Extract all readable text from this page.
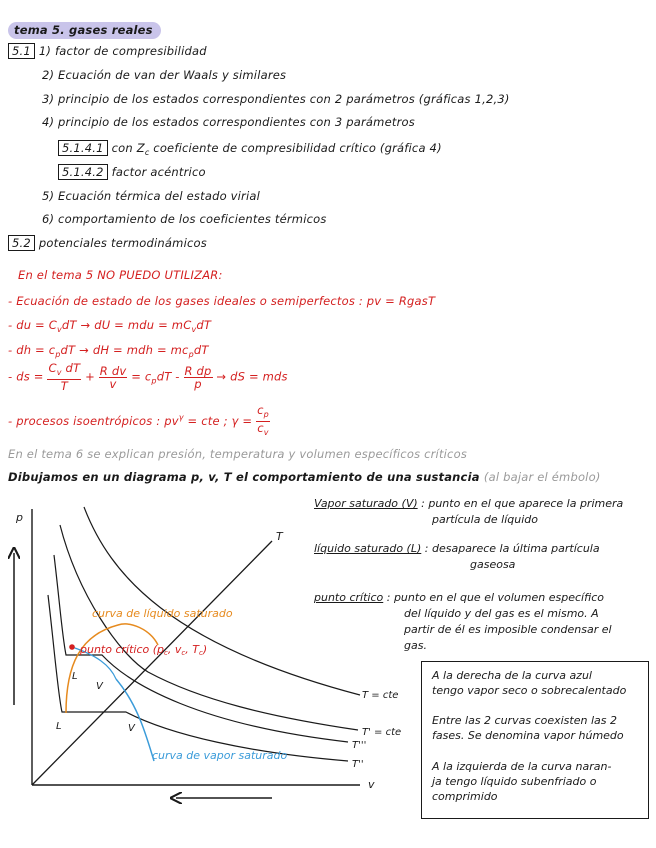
tema 5. gases reales
5.1 1) factor de compresibilidad
2) Ecuación de van der Waals y similares
3) principio de los estados correspondientes con 2 parámetros (gráficas 1,2,3)
4) principio de los estados correspondientes con 3 parámetros
5.1.4.1 con $Z_c$ coeficiente de compresibilidad crítico (gráfica 4)
5.1.4.2 factor acéntrico
5) Ecuación térmica del estado virial
6) comportamiento de los coeficientes térmicos
5.2 potenciales termodinámicos
En el tema 5 NO PUEDO UTILIZAR:
- Ecuación de estado de los gases ideales o semiperfectos : pv = RgasT
- du = $C_vdT$ → dU = mdu = $mC_vdT$
- dh = $c_pdT$ → dH = mdh = $mc_pdT$
- ds = $\frac{C_v dT}{T} + \frac{\text{R dv}}{v} = c_pdT - \frac{\text{R dp}}{p}$ → dS = mds
- procesos isoentrópicos : $pv^\gamma$ = cte ; $\gamma = \frac{c_p}{c_v}$
En el tema 6 se explican presión, temperatura y volumen específicos críticos
Dibujamos en un diagrama p, v, T el comportamiento de una sustancia (al bajar el émbolo)
Vapor saturado (V) : punto en el que aparece la primera
partícula de líquido
líquido saturado (L) : desaparece la última partícula
gaseosa
punto crítico : punto en el que el volumen específico
del líquido y del gas es el mismo. A
partir de él es imposible condensar el
gas.
A la derecha de la curva azul
tengo vapor seco o sobrecalentado
Entre las 2 curvas coexisten las 2
fases. Se denomina vapor húmedo
A la izquierda de la curva naran-
ja tengo líquido subenfriado o
comprimido
p
v
T
curva de líquido saturado
punto crítico (pc, vc, Tc)
curva de vapor saturado
L
V
L	V
T = cte
T' = cte
T'''
T''
